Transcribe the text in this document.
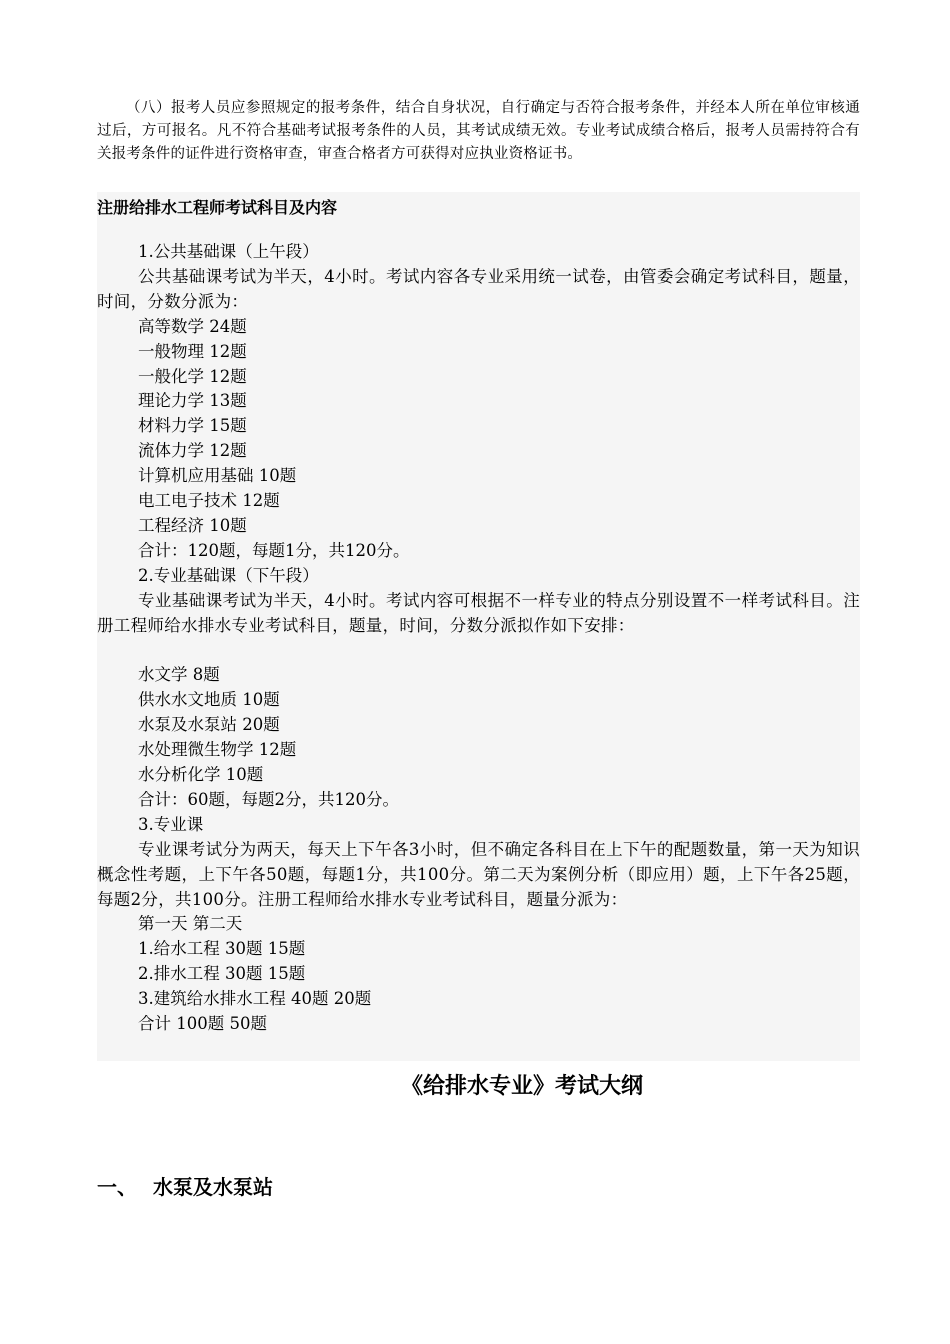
（八）报考人员应参照规定的报考条件，结合自身状况，自行确定与否符合报考条件，并经本人所在单位审核通过后，方可报名。凡不符合基础考试报考条件的人员，其考试成绩无效。专业考试成绩合格后，报考人员需持符合有关报考条件的证件进行资格审查，审查合格者方可获得对应执业资格证书。

注册给排水工程师考试科目及内容
1.公共基础课（上午段）
公共基础课考试为半天，4小时。考试内容各专业采用统一试卷，由管委会确定考试科目，题量，时间，分数分派为：
高等数学 24题
一般物理 12题
一般化学 12题
理论力学 13题
材料力学 15题
流体力学 12题
计算机应用基础 10题
电工电子技术 12题
工程经济 10题
合计：120题，每题1分，共120分。
2.专业基础课（下午段）
专业基础课考试为半天，4小时。考试内容可根据不一样专业的特点分别设置不一样考试科目。注册工程师给水排水专业考试科目，题量，时间，分数分派拟作如下安排：
水文学 8题
供水水文地质 10题
水泵及水泵站 20题
水处理微生物学 12题
水分析化学 10题
合计：60题，每题2分，共120分。
3.专业课
专业课考试分为两天，每天上下午各3小时，但不确定各科目在上下午的配题数量，第一天为知识概念性考题，上下午各50题，每题1分，共100分。第二天为案例分析（即应用）题，上下午各25题，每题2分，共100分。注册工程师给水排水专业考试科目，题量分派为：
第一天 第二天
1.给水工程 30题 15题
2.排水工程 30题 15题
3.建筑给水排水工程 40题 20题
合计 100题 50题
《给排水专业》考试大纲
一、 水泵及水泵站
